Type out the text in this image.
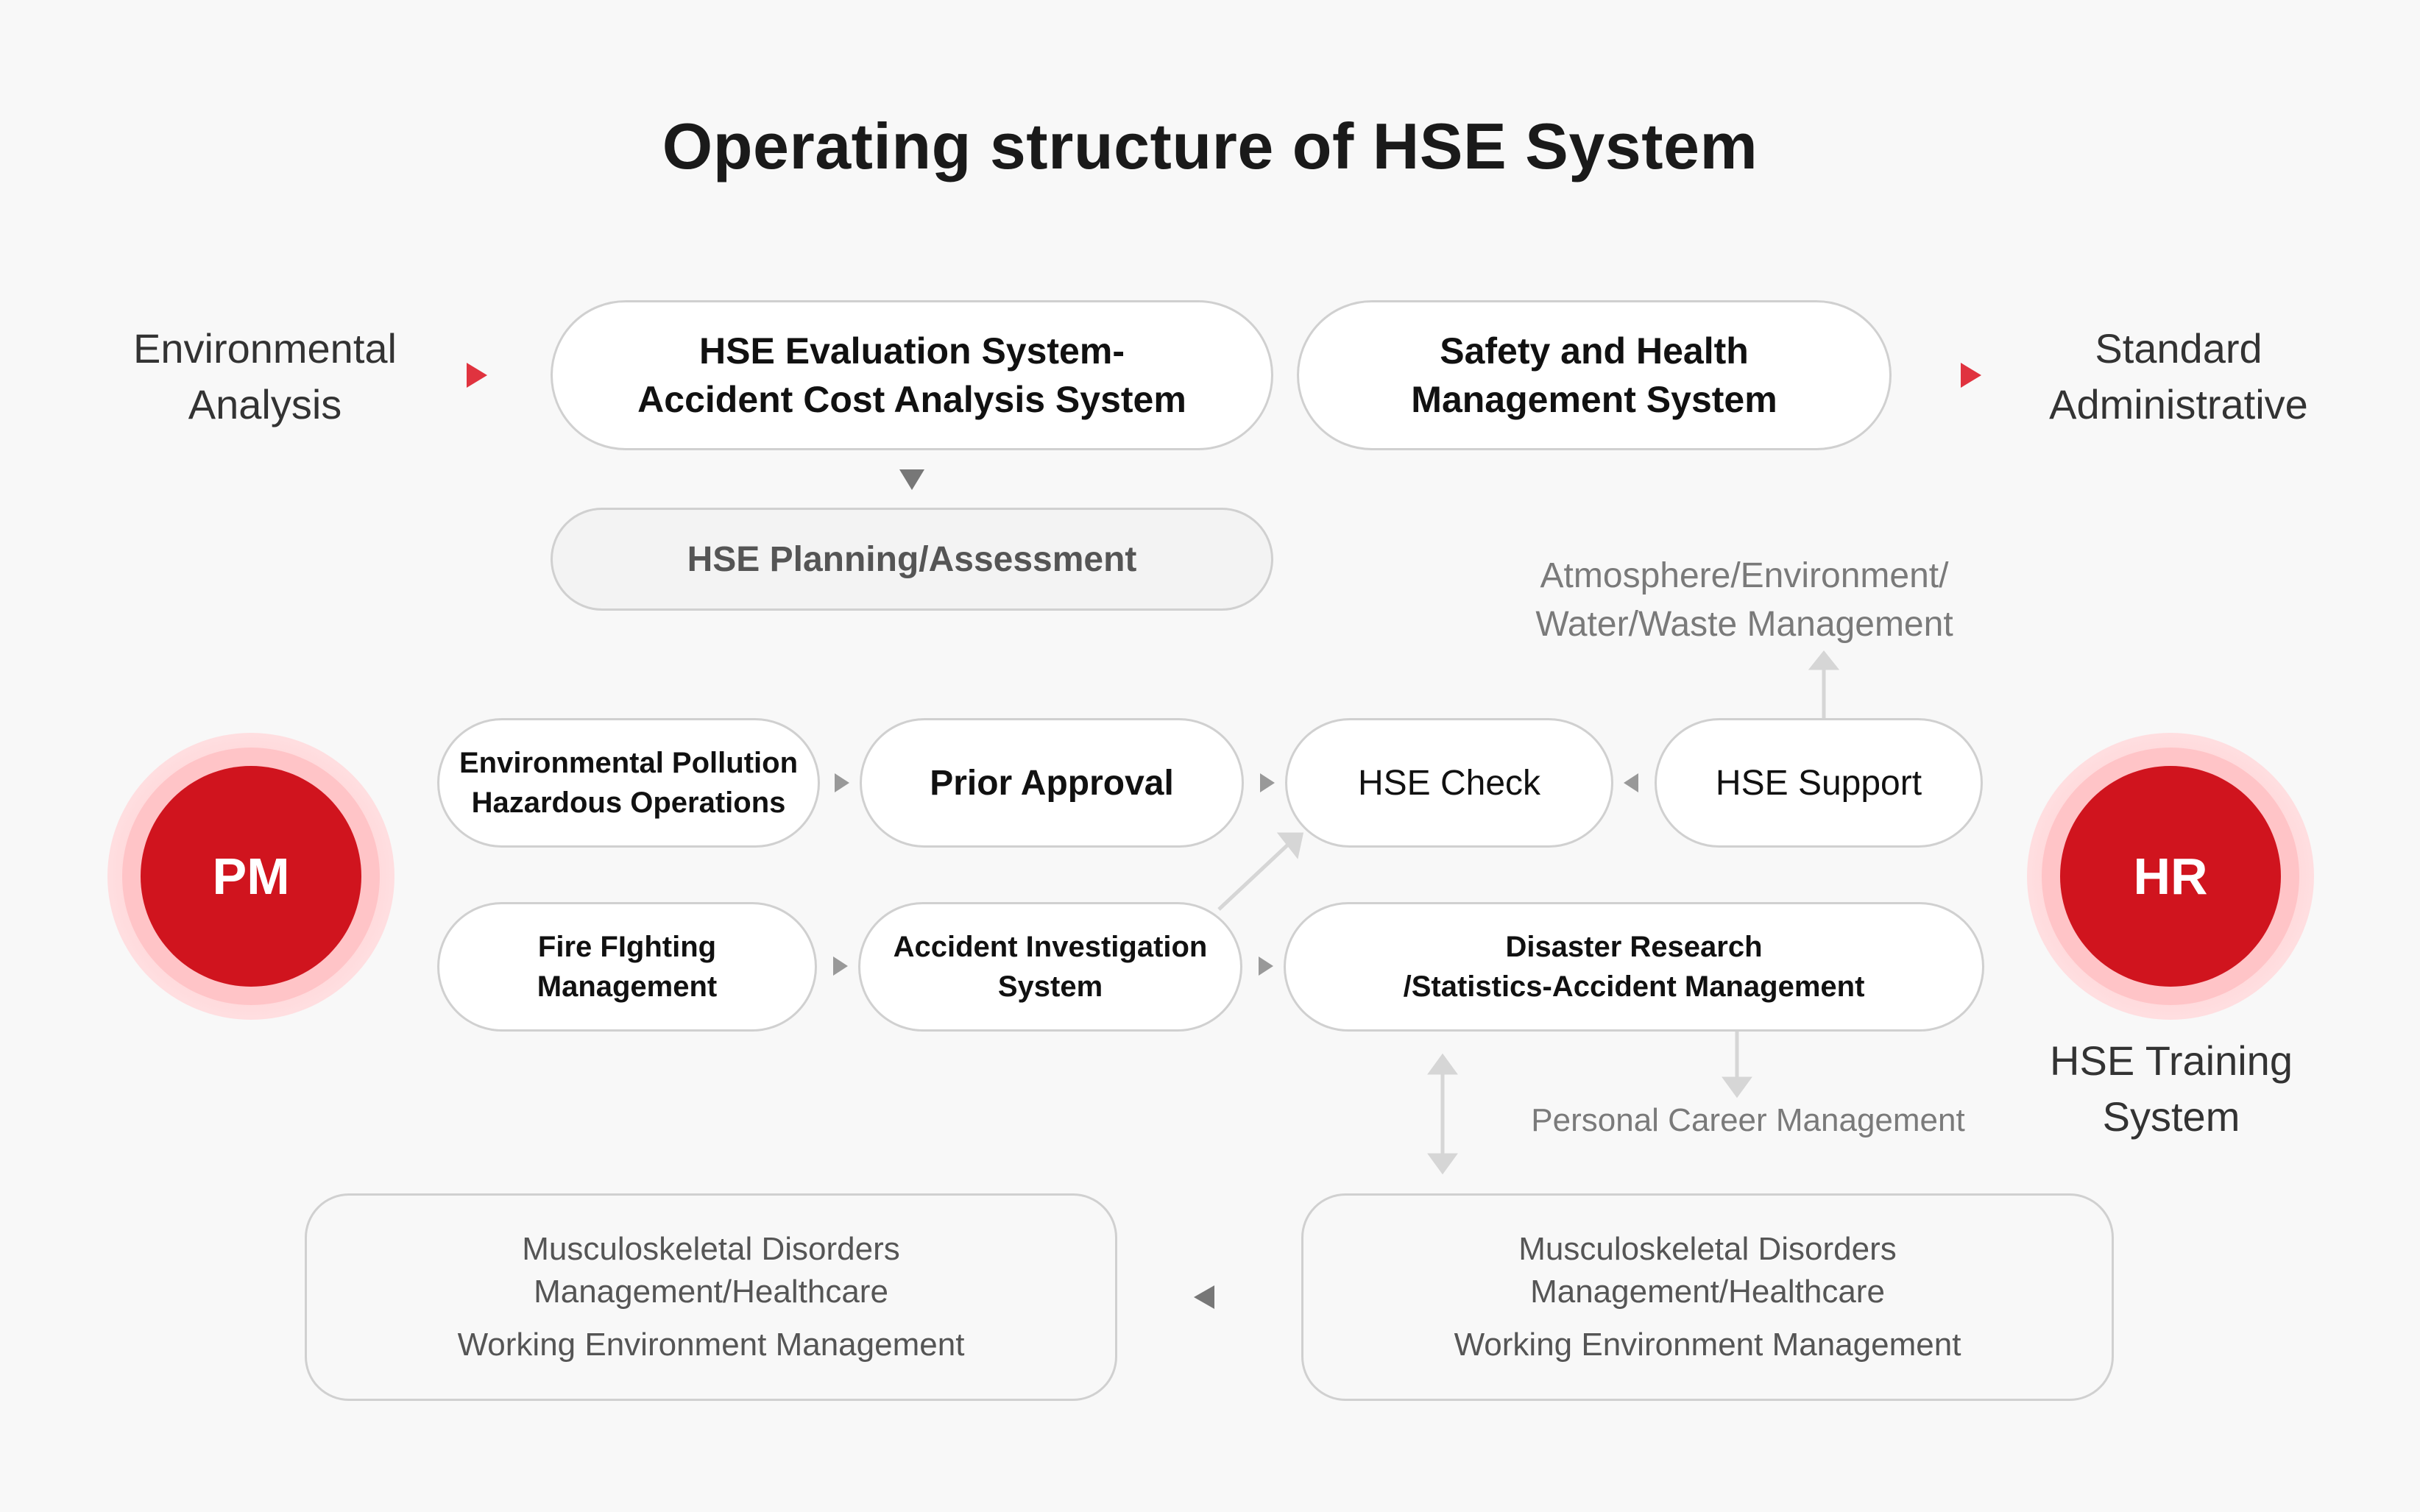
Operating structure of HSE System
Environmental
Analysis
Standard
Administrative
HSE Evaluation System-
Accident Cost Analysis System
Safety and Health
Management System
HSE Planning/Assessment	Atmosphere/Environment/
Water/Waste Management
Environmental Pollution
Hazardous Operations
Prior Approval	HSE Check	HSE Support
Fire FIghting
Management
Accident Investigation
System
Disaster Research
/Statistics-Accident Management
PM	HR
HSE Training
System
Personal Career Management
Musculoskeletal Disorders
Management/Healthcare
Working Environment Management
Musculoskeletal Disorders
Management/Healthcare
Working Environment Management
